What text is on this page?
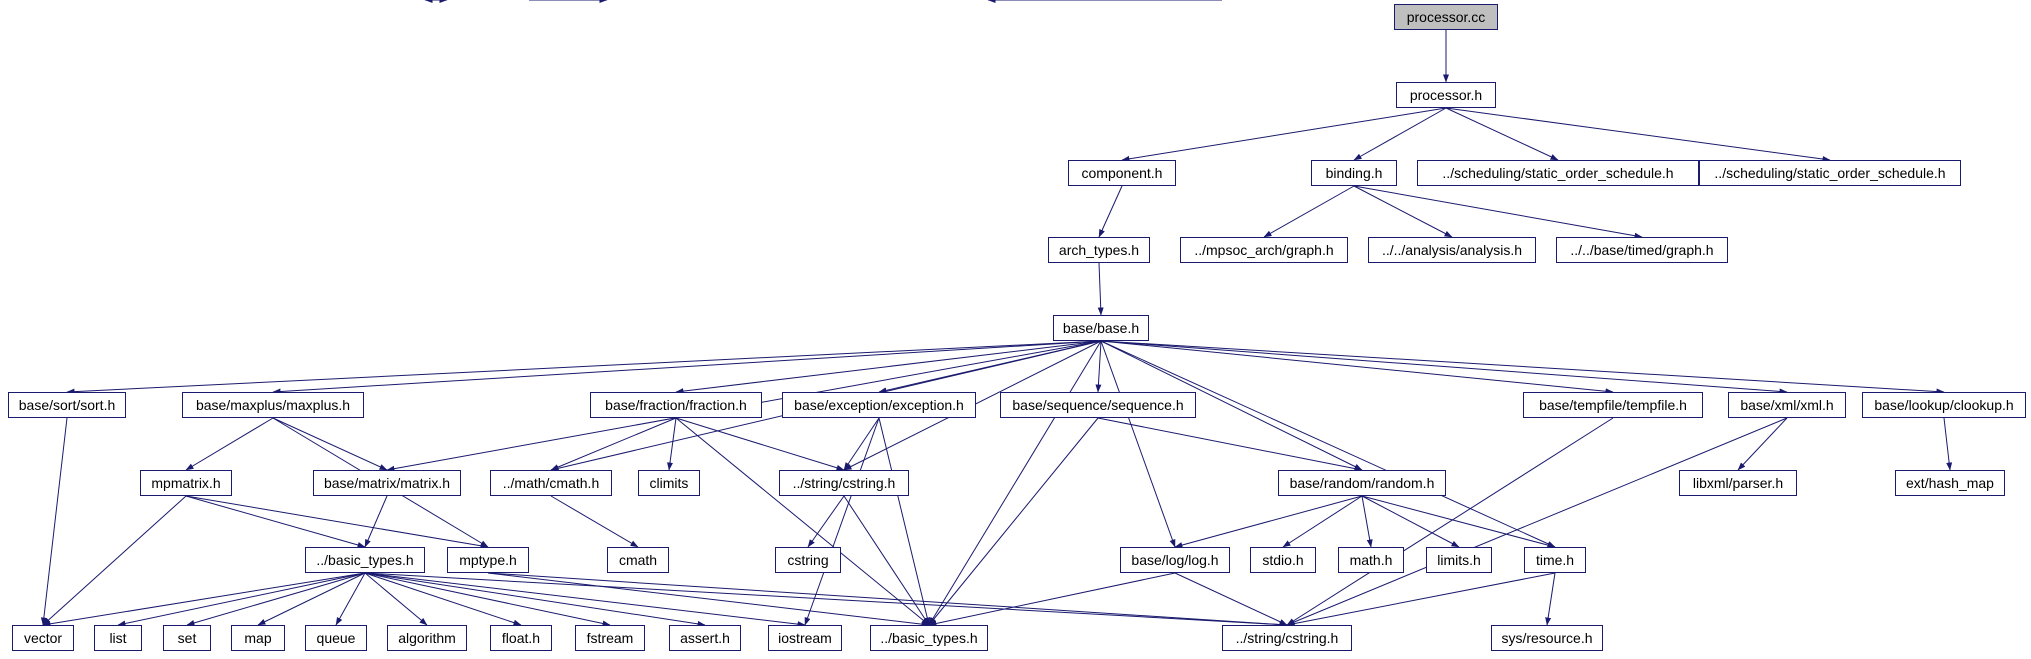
processor.cc
processor.h
component.h	binding.h	../scheduling/static_order_schedule.h	../scheduling/static_order_schedule.h
arch_types.h	../mpsoc_arch/graph.h	../../analysis/analysis.h	../../base/timed/graph.h
base/base.h
base/sort/sort.h	base/maxplus/maxplus.h	base/fraction/fraction.h	base/exception/exception.h	base/sequence/sequence.h	base/tempfile/tempfile.h	base/xml/xml.h	base/lookup/clookup.h
mpmatrix.h	base/matrix/matrix.h	../math/cmath.h	climits	../string/cstring.h	base/random/random.h	libxml/parser.h	ext/hash_map
../basic_types.h	mptype.h	cmath	cstring	base/log/log.h	stdio.h	math.h	limits.h	time.h
vector	list	set	map	queue	algorithm	float.h	fstream	assert.h	iostream	../basic_types.h	../string/cstring.h	sys/resource.h
